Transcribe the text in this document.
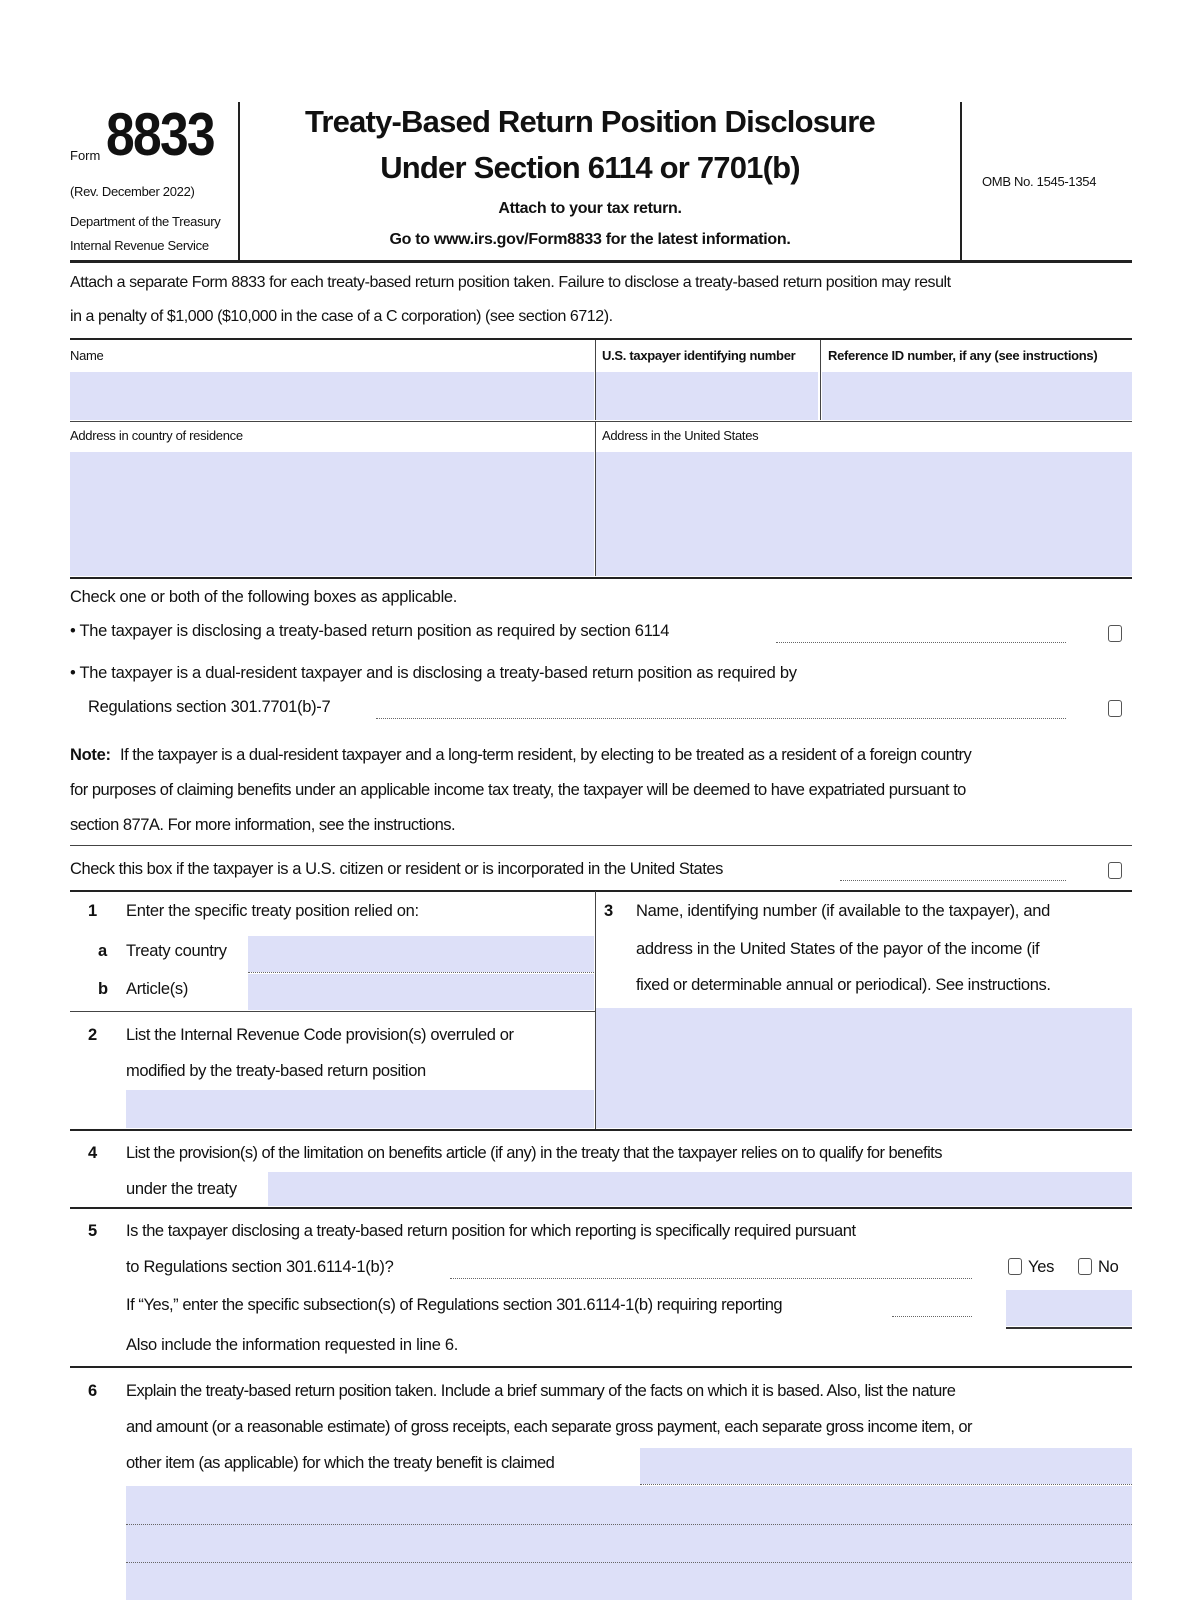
Form 8833
(Rev. December 2022)
Department of the Treasury
Internal Revenue Service
Treaty-Based Return Position Disclosure
Under Section 6114 or 7701(b)
Attach to your tax return.
Go to www.irs.gov/Form8833 for the latest information.
OMB No. 1545-1354
Attach a separate Form 8833 for each treaty-based return position taken. Failure to disclose a treaty-based return position may result
in a penalty of $1,000 ($10,000 in the case of a C corporation) (see section 6712).
Name	U.S. taxpayer identifying number	Reference ID number, if any (see instructions)
Address in country of residence	Address in the United States
Check one or both of the following boxes as applicable.
• The taxpayer is disclosing a treaty-based return position as required by section 6114
• The taxpayer is a dual-resident taxpayer and is disclosing a treaty-based return position as required by
Regulations section 301.7701(b)-7
Note: If the taxpayer is a dual-resident taxpayer and a long-term resident, by electing to be treated as a resident of a foreign country
for purposes of claiming benefits under an applicable income tax treaty, the taxpayer will be deemed to have expatriated pursuant to
section 877A. For more information, see the instructions.
Check this box if the taxpayer is a U.S. citizen or resident or is incorporated in the United States
1 Enter the specific treaty position relied on:
a Treaty country
b Article(s)
2 List the Internal Revenue Code provision(s) overruled or
modified by the treaty-based return position
3 Name, identifying number (if available to the taxpayer), and
address in the United States of the payor of the income (if
fixed or determinable annual or periodical). See instructions.
4 List the provision(s) of the limitation on benefits article (if any) in the treaty that the taxpayer relies on to qualify for benefits
under the treaty
5 Is the taxpayer disclosing a treaty-based return position for which reporting is specifically required pursuant
to Regulations section 301.6114-1(b)?	Yes	No
If “Yes,” enter the specific subsection(s) of Regulations section 301.6114-1(b) requiring reporting
Also include the information requested in line 6.
6 Explain the treaty-based return position taken. Include a brief summary of the facts on which it is based. Also, list the nature
and amount (or a reasonable estimate) of gross receipts, each separate gross payment, each separate gross income item, or
other item (as applicable) for which the treaty benefit is claimed
